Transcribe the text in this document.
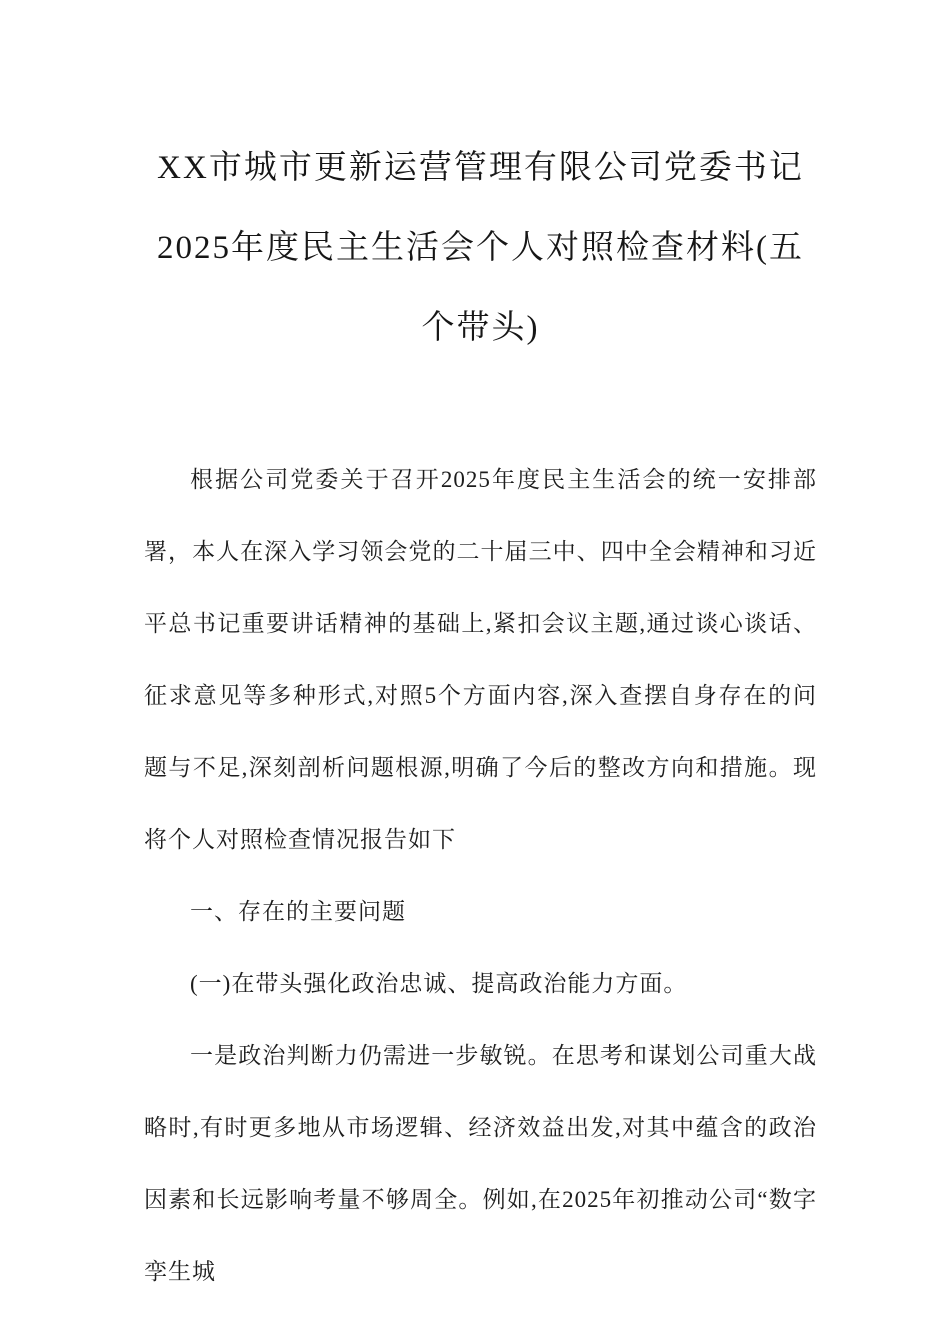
XX市城市更新运营管理有限公司党委书记
2025年度民主生活会个人对照检查材料(五
个带头)

根据公司党委关于召开2025年度民主生活会的统一安排部署，本人在深入学习领会党的二十届三中、四中全会精神和习近平总书记重要讲话精神的基础上,紧扣会议主题,通过谈心谈话、征求意见等多种形式,对照5个方面内容,深入查摆自身存在的问题与不足,深刻剖析问题根源,明确了今后的整改方向和措施。现将个人对照检查情况报告如下

一、存在的主要问题

(一)在带头强化政治忠诚、提高政治能力方面。

一是政治判断力仍需进一步敏锐。在思考和谋划公司重大战略时,有时更多地从市场逻辑、经济效益出发,对其中蕴含的政治因素和长远影响考量不够周全。例如,在2025年初推动公司“数字孪生城
